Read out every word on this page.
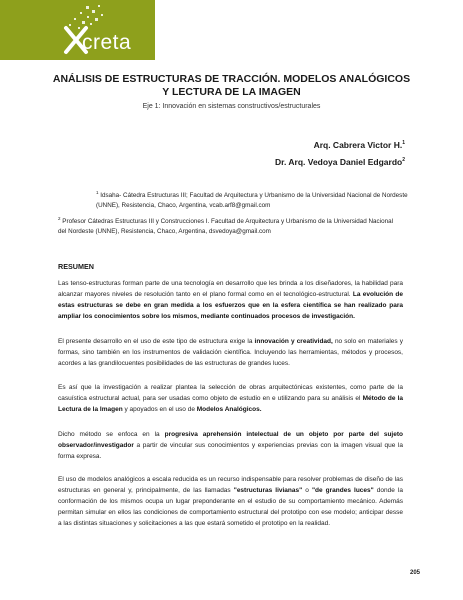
creta
ANÁLISIS DE ESTRUCTURAS DE TRACCIÓN. MODELOS ANALÓGICOS
Y LECTURA DE LA IMAGEN
Eje 1: Innovación en sistemas constructivos/estructurales
Arq. Cabrera Victor H.$^1$
Dr. Arq. Vedoya Daniel Edgardo$^2$
$^1$ Idsaha- Cátedra Estructuras III; Facultad de Arquitectura y Urbanismo de la Universidad Nacional de Nordeste (UNNE), Resistencia, Chaco, Argentina, vcab.arf8@gmail.com
$^2$ Profesor Cátedras Estructuras III y Construcciones I. Facultad de Arquitectura y Urbanismo de la Universidad Nacional del Nordeste (UNNE), Resistencia, Chaco, Argentina, dsvedoya@gmail.com
RESUMEN
Las tenso-estructuras forman parte de una tecnología en desarrollo que les brinda a los diseñadores, la habilidad para alcanzar mayores niveles de resolución tanto en el plano formal como en el tecnológico-estructural. La evolución de estas estructuras se debe en gran medida a los esfuerzos que en la esfera científica se han realizado para ampliar los conocimientos sobre los mismos, mediante continuados procesos de investigación.
El presente desarrollo en el uso de este tipo de estructura exige la innovación y creatividad, no solo en materiales y formas, sino también en los instrumentos de validación científica. Incluyendo las herramientas, métodos y procesos, acordes a las grandilocuentes posibilidades de las estructuras de grandes luces.
Es así que la investigación a realizar plantea la selección de obras arquitectónicas existentes, como parte de la casuística estructural actual, para ser usadas como objeto de estudio en e utilizando para su análisis el Método de la Lectura de la Imagen y apoyados en el uso de Modelos Analógicos.
Dicho método se enfoca en la progresiva aprehensión intelectual de un objeto por parte del sujeto observador/investigador a partir de vincular sus conocimientos y experiencias previas con la imagen visual que la forma expresa.
El uso de modelos analógicos a escala reducida es un recurso indispensable para resolver problemas de diseño de las estructuras en general y, principalmente, de las llamadas "estructuras livianas" o "de grandes luces" donde la conformación de los mismos ocupa un lugar preponderante en el estudio de su comportamiento mecánico. Además permitan simular en ellos las condiciones de comportamiento estructural del prototipo con ese modelo; anticipar desse a las distintas situaciones y solicitaciones a las que estará sometido el prototipo en la realidad.
205
